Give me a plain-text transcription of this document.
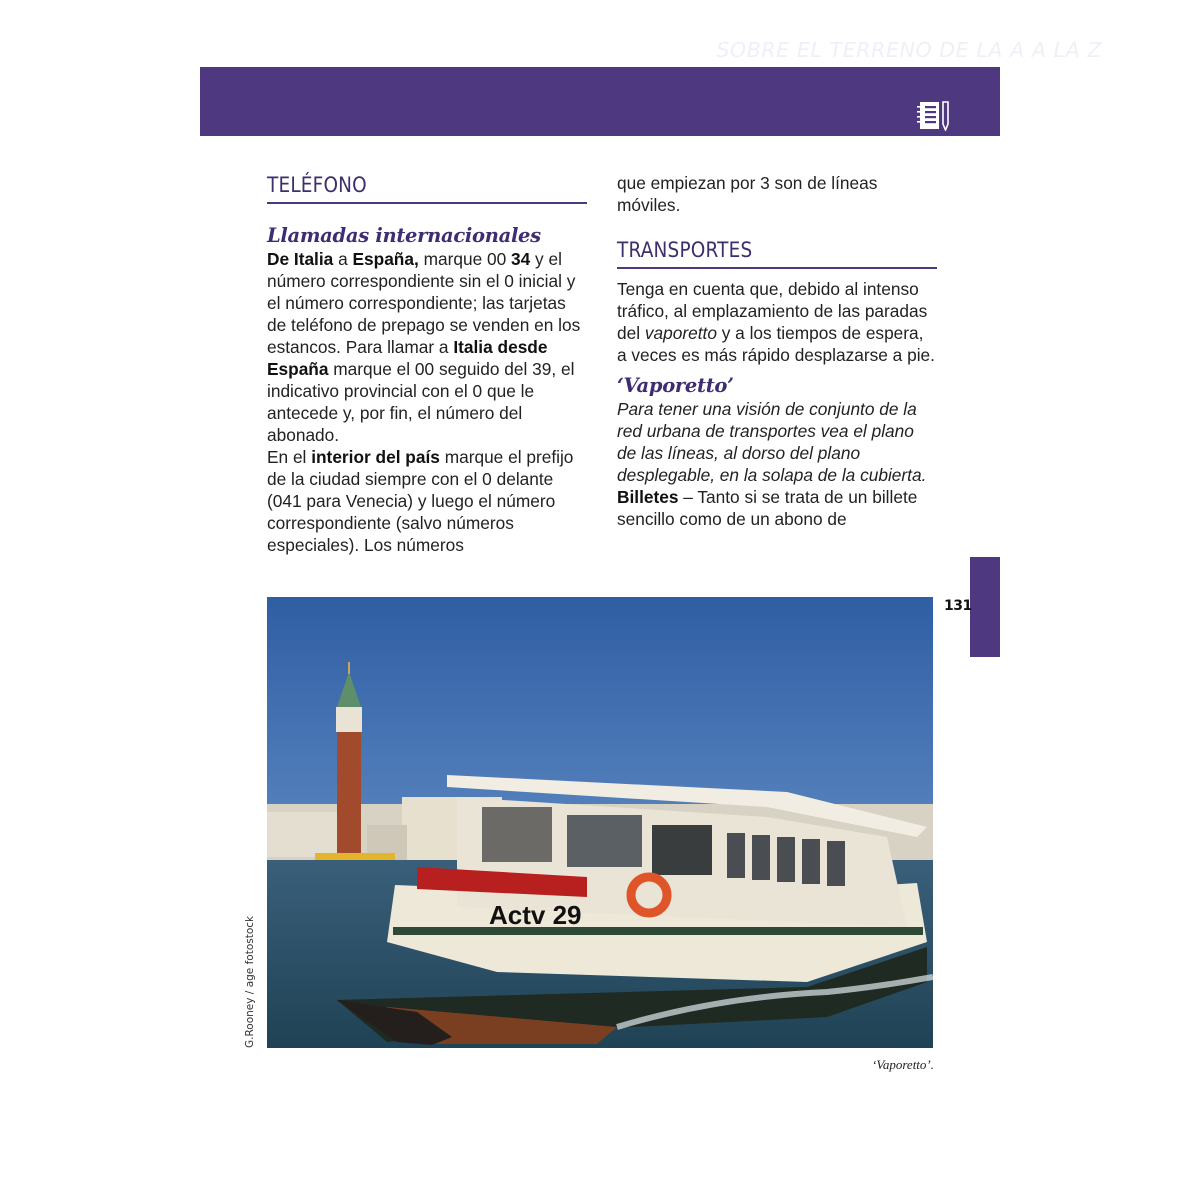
SOBRE EL TERRENO DE LA A A LA Z
TELÉFONO
Llamadas internacionales

De Italia a España, marque 00 34 y el número correspondiente sin el 0 inicial y el número correspondiente; las tarjetas de teléfono de prepago se venden en los estancos. Para llamar a Italia desde España marque el 00 seguido del 39, el indicativo provincial con el 0 que le antecede y, por fin, el número del abonado.

En el interior del país marque el prefijo de la ciudad siempre con el 0 delante (041 para Venecia) y luego el número correspondiente (salvo números especiales). Los números

que empiezan por 3 son de líneas móviles.

TRANSPORTES

Tenga en cuenta que, debido al intenso tráfico, al emplazamiento de las paradas del vaporetto y a los tiempos de espera, a veces es más rápido desplazarse a pie.

‘Vaporetto’

Para tener una visión de conjunto de la red urbana de transportes vea el plano de las líneas, al dorso del plano desplegable, en la solapa de la cubierta.

Billetes – Tanto si se trata de un billete sencillo como de un abono de

131
Actv 29
G.Rooney / age fotostock
‘Vaporetto’.
